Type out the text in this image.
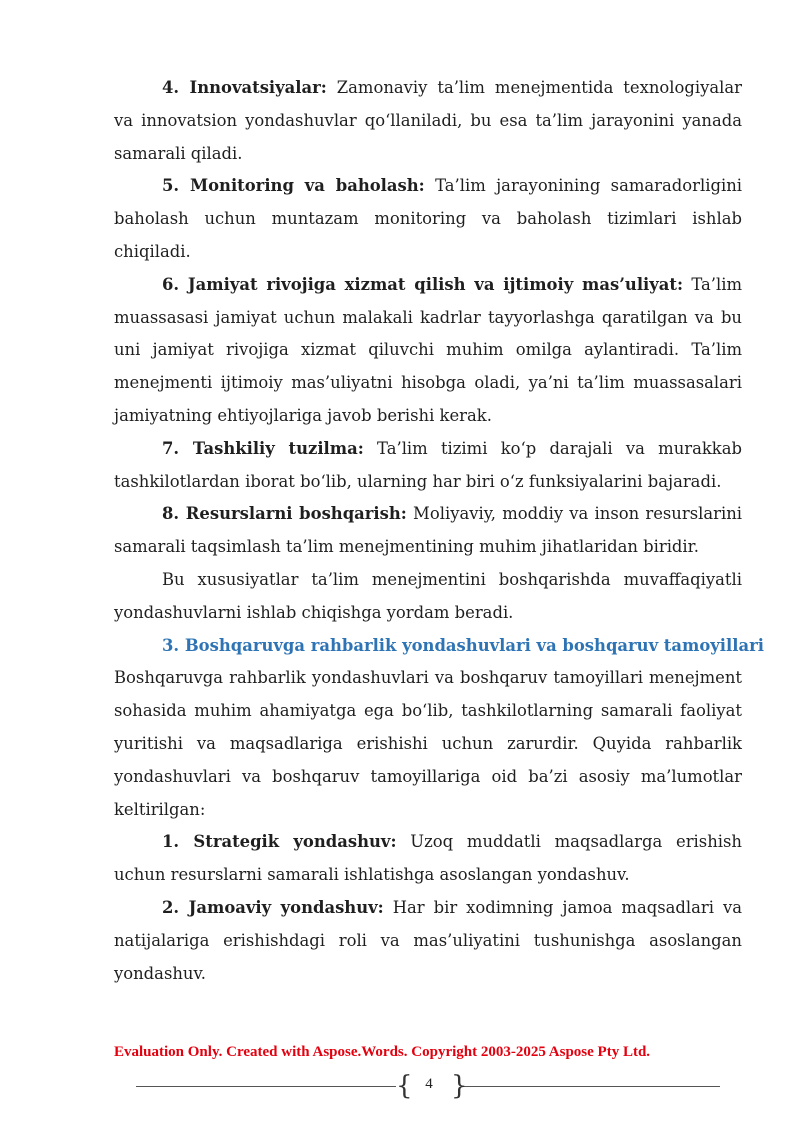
4. Innovatsiyalar: Zamonaviy ta’lim menejmentida texnologiyalar va innovatsion yondashuvlar qo‘llaniladi, bu esa ta’lim jarayonini yanada samarali qiladi.

5. Monitoring va baholash: Ta’lim jarayonining samaradorligini baholash uchun muntazam monitoring va baholash tizimlari ishlab chiqiladi.

6. Jamiyat rivojiga xizmat qilish va ijtimoiy mas’uliyat: Ta’lim muassasasi jamiyat uchun malakali kadrlar tayyorlashga qaratilgan va bu uni jamiyat rivojiga xizmat qiluvchi muhim omilga aylantiradi. Ta’lim menejmenti ijtimoiy mas’uliyatni hisobga oladi, ya’ni ta’lim muassasalari jamiyatning ehtiyojlariga javob berishi kerak.

7. Tashkiliy tuzilma: Ta’lim tizimi ko‘p darajali va murakkab tashkilotlardan iborat bo‘lib, ularning har biri o‘z funksiyalarini bajaradi.

8. Resurslarni boshqarish: Moliyaviy, moddiy va inson resurslarini samarali taqsimlash ta’lim menejmentining muhim jihatlaridan biridir.

Bu xususiyatlar ta’lim menejmentini boshqarishda muvaffaqiyatli yondashuvlarni ishlab chiqishga yordam beradi.

3. Boshqaruvga rahbarlik yondashuvlari va boshqaruv tamoyillari

Boshqaruvga rahbarlik yondashuvlari va boshqaruv tamoyillari menejment sohasida muhim ahamiyatga ega bo‘lib, tashkilotlarning samarali faoliyat yuritishi va maqsadlariga erishishi uchun zarurdir. Quyida rahbarlik yondashuvlari va boshqaruv tamoyillariga oid ba’zi asosiy ma’lumotlar keltirilgan:

1. Strategik yondashuv: Uzoq muddatli maqsadlarga erishish uchun resurslarni samarali ishlatishga asoslangan yondashuv.

2. Jamoaviy yondashuv: Har bir xodimning jamoa maqsadlari va natijalariga erishishdagi roli va mas’uliyatini tushunishga asoslangan yondashuv.

Evaluation Only. Created with Aspose.Words. Copyright 2003-2025 Aspose Pty Ltd.
{ 4 }
